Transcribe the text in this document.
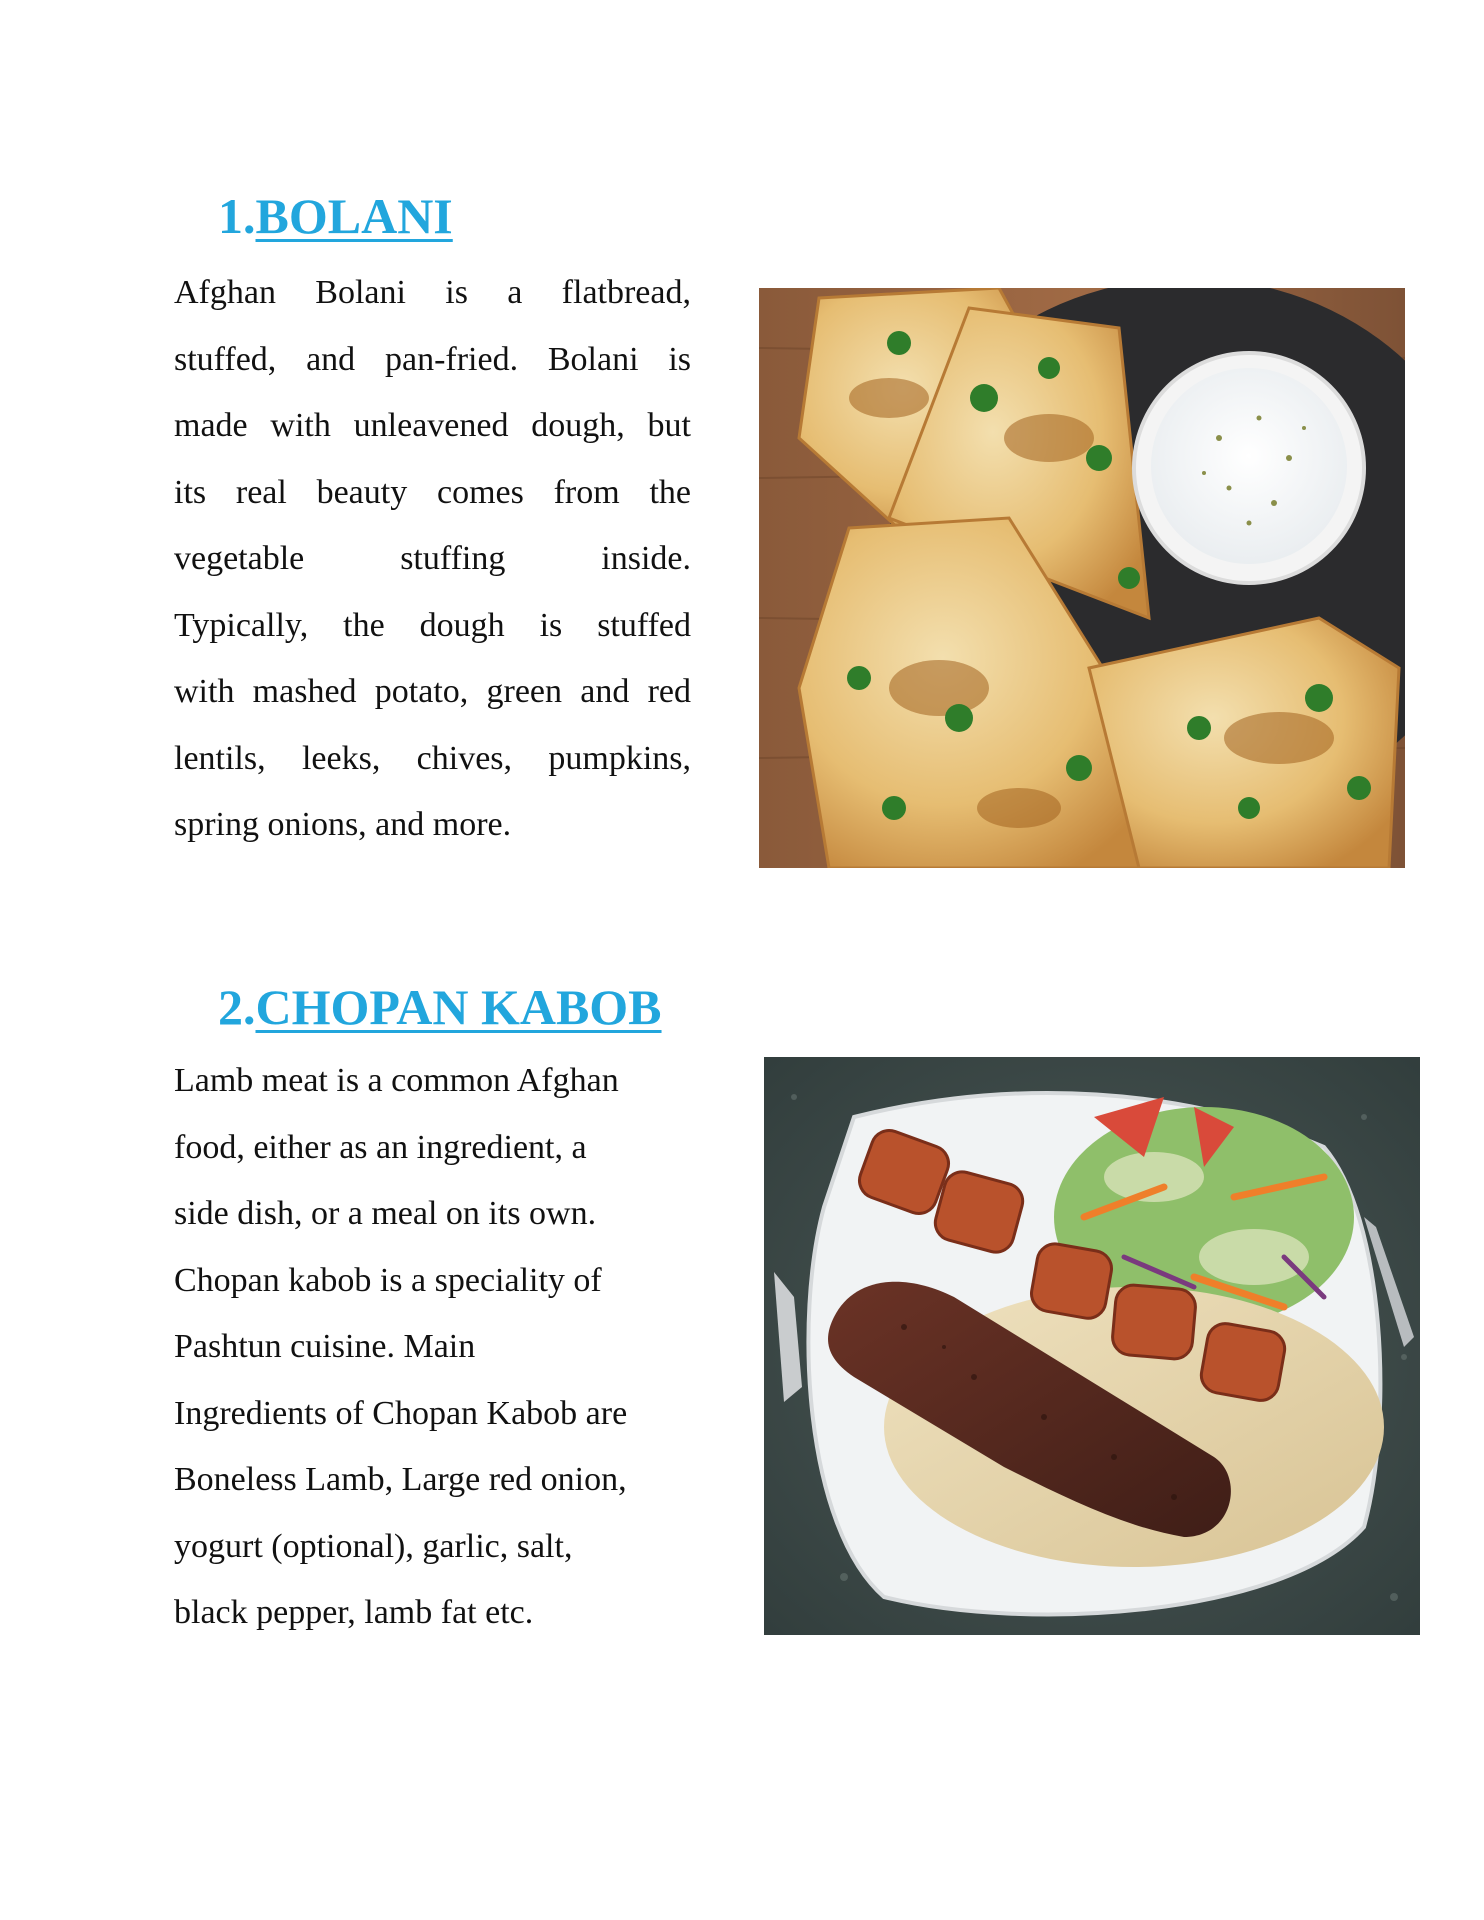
1.BOLANI

Afghan Bolani is a flatbread,
stuffed, and pan-fried. Bolani is
made with unleavened dough, but
its real beauty comes from the
vegetable stuffing inside.
Typically, the dough is stuffed
with mashed potato, green and red
lentils, leeks, chives, pumpkins,
spring onions, and more.

2.CHOPAN KABOB

Lamb meat is a common Afghan
food, either as an ingredient, a
side dish, or a meal on its own.
Chopan kabob is a speciality of
Pashtun cuisine. Main
Ingredients of Chopan Kabob are
Boneless Lamb, Large red onion,
yogurt (optional), garlic, salt,
black pepper, lamb fat etc.
